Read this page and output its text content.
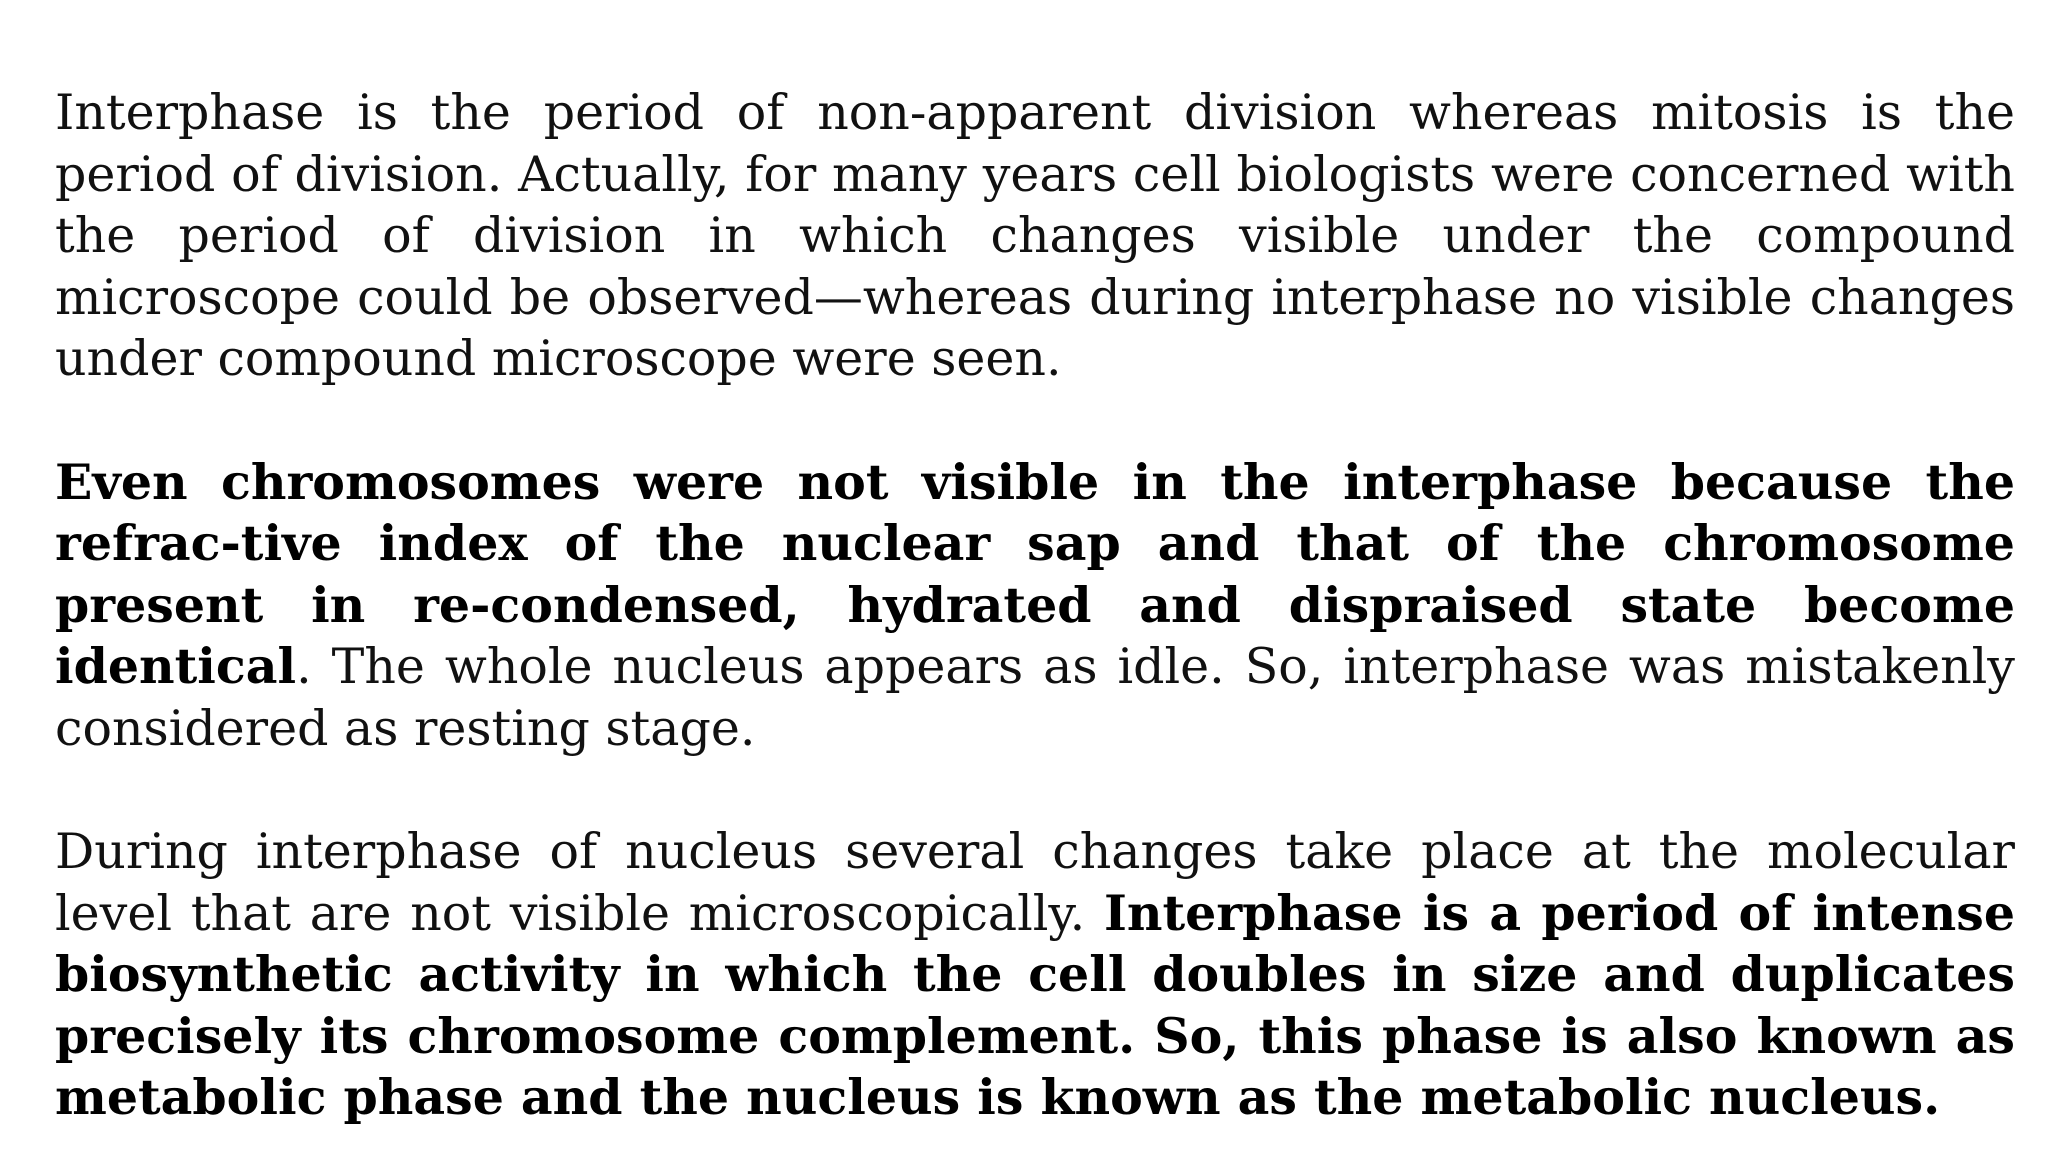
Interphase is the period of non-apparent division whereas mitosis is the period of division. Actually, for many years cell biologists were concerned with the period of division in which changes visible under the compound microscope could be observed—whereas during interphase no visible changes under compound microscope were seen.

Even chromosomes were not visible in the interphase because the refrac-tive index of the nuclear sap and that of the chromosome present in re-condensed, hydrated and dispraised state become identical. The whole nucleus appears as idle. So, interphase was mistakenly considered as resting stage.

During interphase of nucleus several changes take place at the molecular level that are not visible microscopically. Interphase is a period of intense biosynthetic activity in which the cell doubles in size and duplicates precisely its chromosome complement. So, this phase is also known as metabolic phase and the nucleus is known as the metabolic nucleus.
